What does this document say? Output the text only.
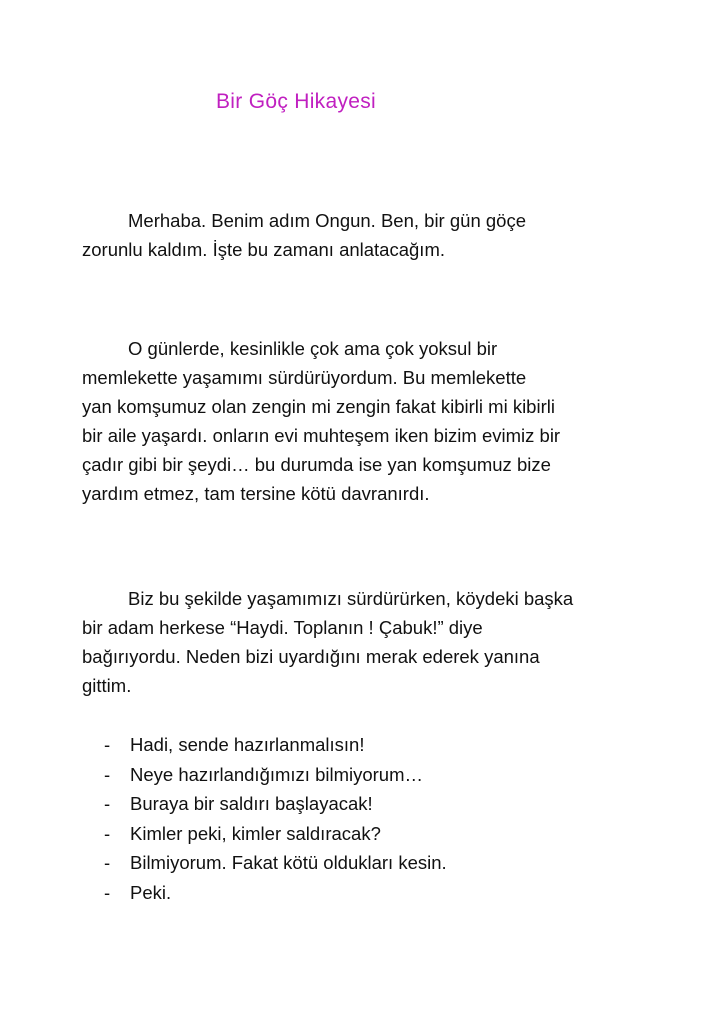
Bir Göç Hikayesi

Merhaba. Benim adım Ongun. Ben, bir gün göçe
zorunlu kaldım. İşte bu zamanı anlatacağım.

O günlerde, kesinlikle çok ama çok yoksul bir
memlekette yaşamımı sürdürüyordum. Bu memlekette
yan komşumuz olan zengin mi zengin fakat kibirli mi kibirli
bir aile yaşardı. onların evi muhteşem iken bizim evimiz bir
çadır gibi bir şeydi… bu durumda ise yan komşumuz bize
yardım etmez, tam tersine kötü davranırdı.

Biz bu şekilde yaşamımızı sürdürürken, köydeki başka
bir adam herkese “Haydi. Toplanın ! Çabuk!” diye
bağırıyordu. Neden bizi uyardığını merak ederek yanına
gittim.

- Hadi, sende hazırlanmalısın!
- Neye hazırlandığımızı bilmiyorum…
- Buraya bir saldırı başlayacak!
- Kimler peki, kimler saldıracak?
- Bilmiyorum. Fakat kötü oldukları kesin.
- Peki.
